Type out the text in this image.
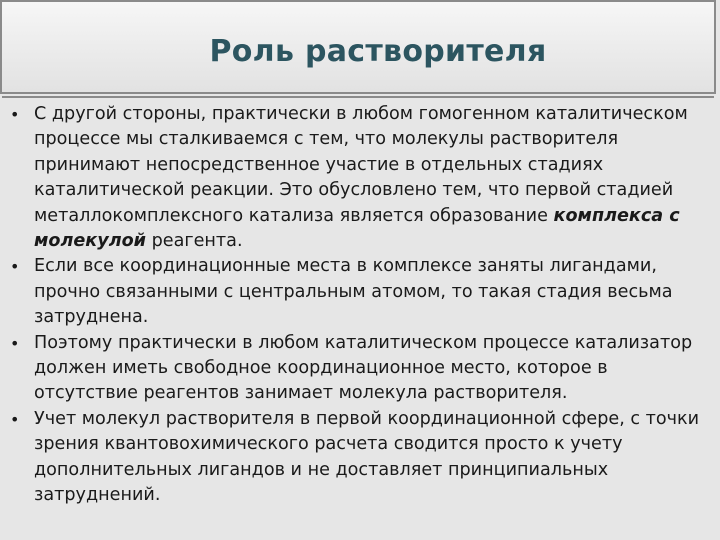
Роль растворителя
• С другой стороны, практически в любом гомогенном каталитическом процессе мы сталкиваемся с тем, что молекулы растворителя принимают непосредственное участие в отдельных стадиях каталитической реакции. Это обусловлено тем, что первой стадией металлокомплексного катализа является образование комплекса с молекулой реагента.
• Если все координационные места в комплексе заняты лигандами, прочно связанными с центральным атомом, то такая стадия весьма затруднена.
• Поэтому практически в любом каталитическом процессе катализатор должен иметь свободное координационное место, которое в отсутствие реагентов занимает молекула растворителя.
• Учет молекул растворителя в первой координационной сфере, с точки зрения квантовохимического расчета сводится просто к учету дополнительных лигандов и не доставляет принципиальных затруднений.
